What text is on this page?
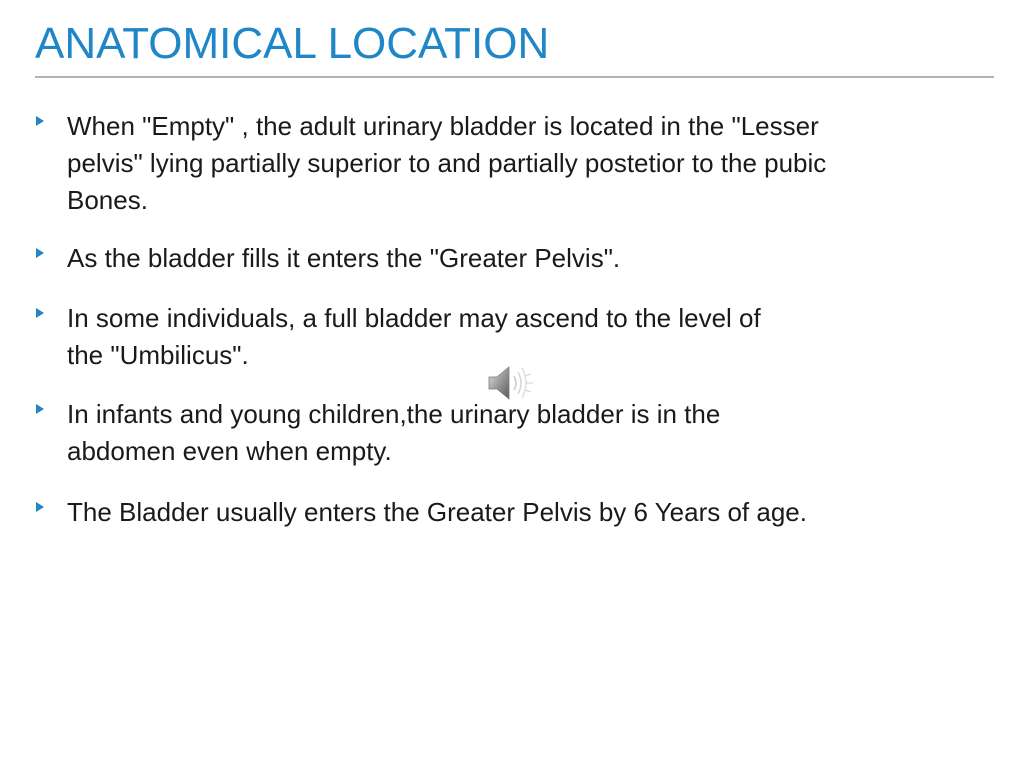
ANATOMICAL LOCATION
When "Empty" , the adult urinary bladder is located in the "Lesser
pelvis" lying partially superior to and partially postetior to the pubic
Bones.
As the bladder fills it enters the "Greater Pelvis".
In some individuals, a full bladder may ascend to the level of
the "Umbilicus".
In infants and young children,the urinary bladder is in the
abdomen even when empty.
The Bladder usually enters the Greater Pelvis by 6 Years of age.
